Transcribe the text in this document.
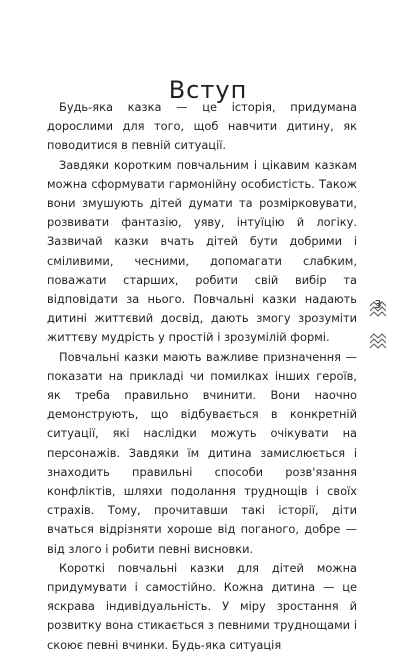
Вступ

Будь-яка казка — це історія, придумана дорослими для того, щоб навчити дитину, як поводитися в певній ситуації.

Завдяки коротким повчальним і цікавим казкам можна сформувати гармонійну особистість. Також вони змушують дітей думати та розмірковувати, розвивати фантазію, уяву, інтуїцію й логіку. Зазвичай казки вчать дітей бути добрими і сміливими, чесними, допомагати слабким, поважати старших, робити свій вибір та відповідати за нього. Повчальні казки надають дитині життєвий досвід, дають змогу зрозуміти життєву мудрість у простій і зрозумілій формі.

Повчальні казки мають важливе призначення — показати на прикладі чи помилках інших героїв, як треба правильно вчинити. Вони наочно демонструють, що відбувається в конкретній ситуації, які наслідки можуть очікувати на персонажів. Завдяки їм дитина замислюється і знаходить правильні способи розв'язання конфліктів, шляхи подолання труднощів і своїх страхів. Тому, прочитавши такі історії, діти вчаться відрізняти хороше від поганого, добре — від злого і робити певні висновки.

Короткі повчальні казки для дітей можна придумувати і самостійно. Кожна дитина — це яскрава індивідуальність. У міру зростання й розвитку вона стикається з певними труднощами і скоює певні вчинки. Будь-яка ситуація

3
